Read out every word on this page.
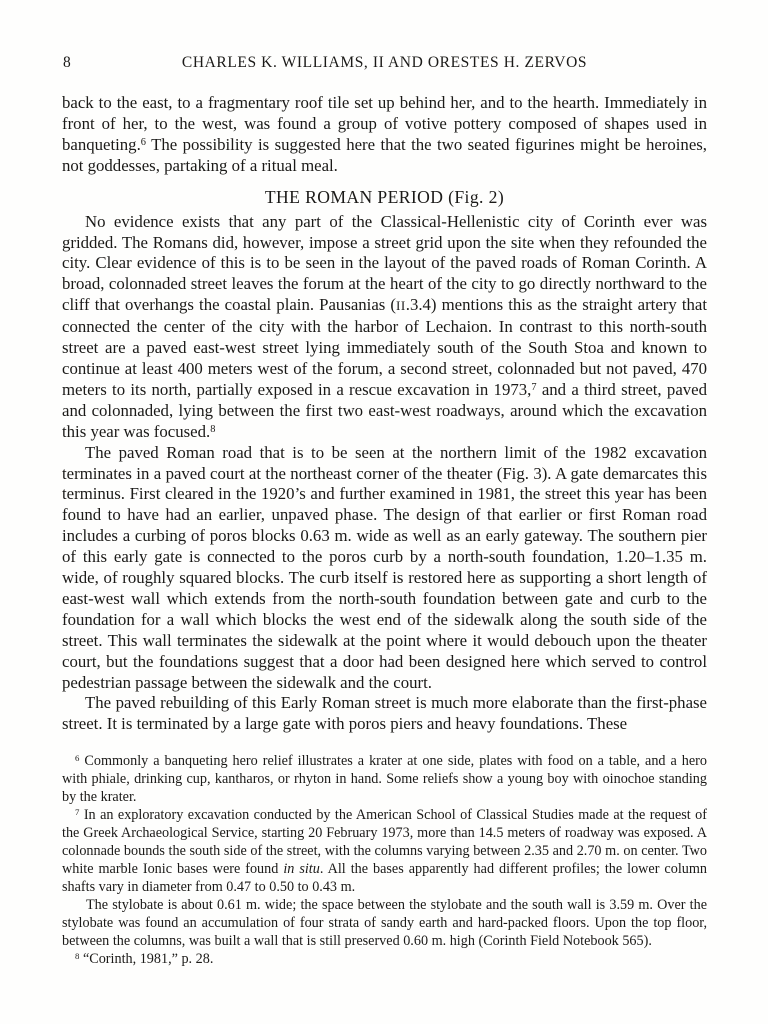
8	CHARLES K. WILLIAMS, II AND ORESTES H. ZERVOS

back to the east, to a fragmentary roof tile set up behind her, and to the hearth. Immediately in front of her, to the west, was found a group of votive pottery composed of shapes used in banqueting.$^6$ The possibility is suggested here that the two seated figurines might be heroines, not goddesses, partaking of a ritual meal.

THE ROMAN PERIOD (Fig. 2)

No evidence exists that any part of the Classical-Hellenistic city of Corinth ever was gridded. The Romans did, however, impose a street grid upon the site when they refounded the city. Clear evidence of this is to be seen in the layout of the paved roads of Roman Corinth. A broad, colonnaded street leaves the forum at the heart of the city to go directly northward to the cliff that overhangs the coastal plain. Pausanias (II.3.4) mentions this as the straight artery that connected the center of the city with the harbor of Lechaion. In contrast to this north-south street are a paved east-west street lying immediately south of the South Stoa and known to continue at least 400 meters west of the forum, a second street, colonnaded but not paved, 470 meters to its north, partially exposed in a rescue excavation in 1973,$^7$ and a third street, paved and colonnaded, lying between the first two east-west roadways, around which the excavation this year was focused.$^8$

The paved Roman road that is to be seen at the northern limit of the 1982 excavation terminates in a paved court at the northeast corner of the theater (Fig. 3). A gate demarcates this terminus. First cleared in the 1920’s and further examined in 1981, the street this year has been found to have had an earlier, unpaved phase. The design of that earlier or first Roman road includes a curbing of poros blocks 0.63 m. wide as well as an early gateway. The southern pier of this early gate is connected to the poros curb by a north-south foundation, 1.20–1.35 m. wide, of roughly squared blocks. The curb itself is restored here as supporting a short length of east-west wall which extends from the north-south foundation between gate and curb to the foundation for a wall which blocks the west end of the sidewalk along the south side of the street. This wall terminates the sidewalk at the point where it would debouch upon the theater court, but the foundations suggest that a door had been designed here which served to control pedestrian passage between the sidewalk and the court.

The paved rebuilding of this Early Roman street is much more elaborate than the first-phase street. It is terminated by a large gate with poros piers and heavy foundations. These

$^6$ Commonly a banqueting hero relief illustrates a krater at one side, plates with food on a table, and a hero with phiale, drinking cup, kantharos, or rhyton in hand. Some reliefs show a young boy with oinochoe standing by the krater.

$^7$ In an exploratory excavation conducted by the American School of Classical Studies made at the request of the Greek Archaeological Service, starting 20 February 1973, more than 14.5 meters of roadway was exposed. A colonnade bounds the south side of the street, with the columns varying between 2.35 and 2.70 m. on center. Two white marble Ionic bases were found in situ. All the bases apparently had different profiles; the lower column shafts vary in diameter from 0.47 to 0.50 to 0.43 m.

The stylobate is about 0.61 m. wide; the space between the stylobate and the south wall is 3.59 m. Over the stylobate was found an accumulation of four strata of sandy earth and hard-packed floors. Upon the top floor, between the columns, was built a wall that is still preserved 0.60 m. high (Corinth Field Notebook 565).

$^8$ “Corinth, 1981,” p. 28.
